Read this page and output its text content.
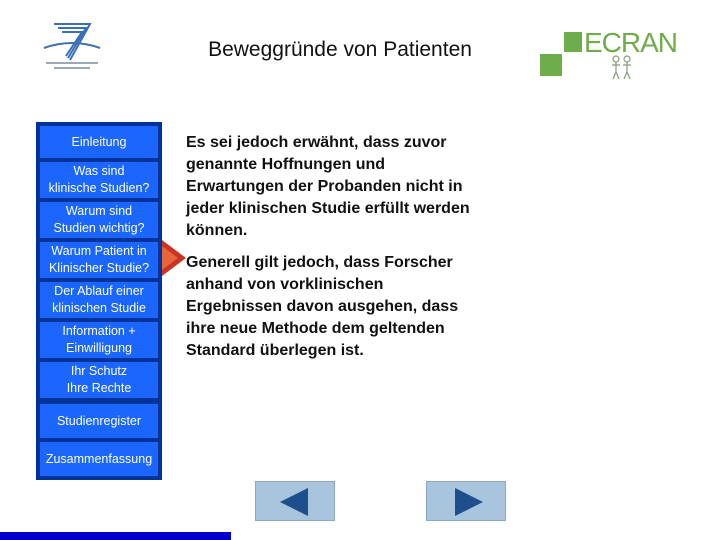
Beweggründe von Patienten	ECRAN
Einleitung
Was sind
klinische Studien?
Warum sind
Studien wichtig?
Warum Patient in
Klinischer Studie?
Der Ablauf einer
klinischen Studie
Information +
Einwilligung
Ihr Schutz
Ihre Rechte
Studienregister
Zusammenfassung

Es sei jedoch erwähnt, dass zuvor genannte Hoffnungen und Erwartungen der Probanden nicht in jeder klinischen Studie erfüllt werden können.

Generell gilt jedoch, dass Forscher anhand von vorklinischen Ergebnissen davon ausgehen, dass ihre neue Methode dem geltenden Standard überlegen ist.
